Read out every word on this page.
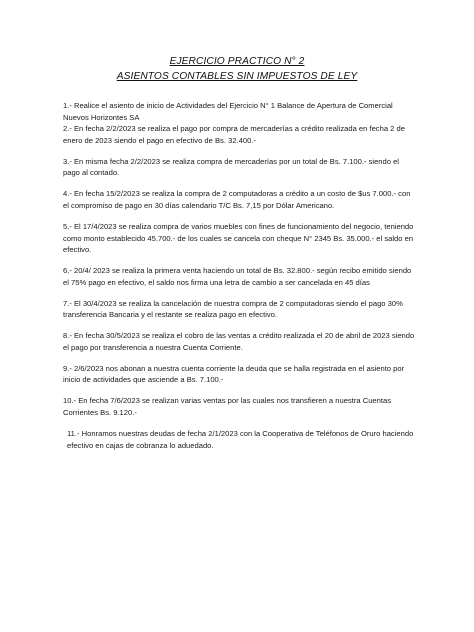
EJERCICIO PRACTICO N° 2
ASIENTOS CONTABLES SIN IMPUESTOS DE LEY
1.- Realice el asiento de inicio de Actividades del Ejercicio N° 1 Balance de Apertura de Comercial Nuevos Horizontes SA
2.- En fecha 2/2/2023 se realiza el pago por compra de mercaderías a crédito realizada en fecha 2 de enero de 2023 siendo el pago en efectivo de Bs. 32.400.-
3.- En misma fecha 2/2/2023 se realiza compra de mercaderías por un total de Bs. 7.100.- siendo el pago al contado.
4.- En fecha 15/2/2023 se realiza la compra de 2 computadoras a crédito a un costo de $us 7.000.- con el compromiso de pago en 30 días calendario T/C Bs. 7,15 por Dólar Americano.
5.- El 17/4/2023 se realiza compra de varios muebles con fines de funcionamiento del negocio, teniendo como monto establecido 45.700.- de los cuales se cancela con cheque N° 2345 Bs. 35.000.- el saldo en efectivo.
6.- 20/4/ 2023 se realiza la primera venta haciendo un total de Bs. 32.800.- según recibo emitido siendo el 75% pago en efectivo, el saldo nos firma una letra de cambio a ser cancelada en 45 días
7.- El 30/4/2023 se realiza la cancelación de nuestra compra de 2 computadoras siendo el pago 30% transferencia Bancaria y el restante se realiza pago en efectivo.
8.- En fecha 30/5/2023 se realiza el cobro de las ventas a crédito realizada el 20 de abril de 2023 siendo el pago por transferencia a nuestra Cuenta Corriente.
9.- 2/6/2023 nos abonan a nuestra cuenta corriente la deuda que se halla registrada en el asiento por inicio de actividades que asciende a Bs. 7.100.-
10.- En fecha 7/6/2023 se realizan varias ventas por las cuales nos transfieren a nuestra Cuentas Corrientes Bs. 9.120.-
11.- Honramos nuestras deudas de fecha 2/1/2023 con la Cooperativa de Teléfonos de Oruro haciendo efectivo en cajas de cobranza lo aduedado.
